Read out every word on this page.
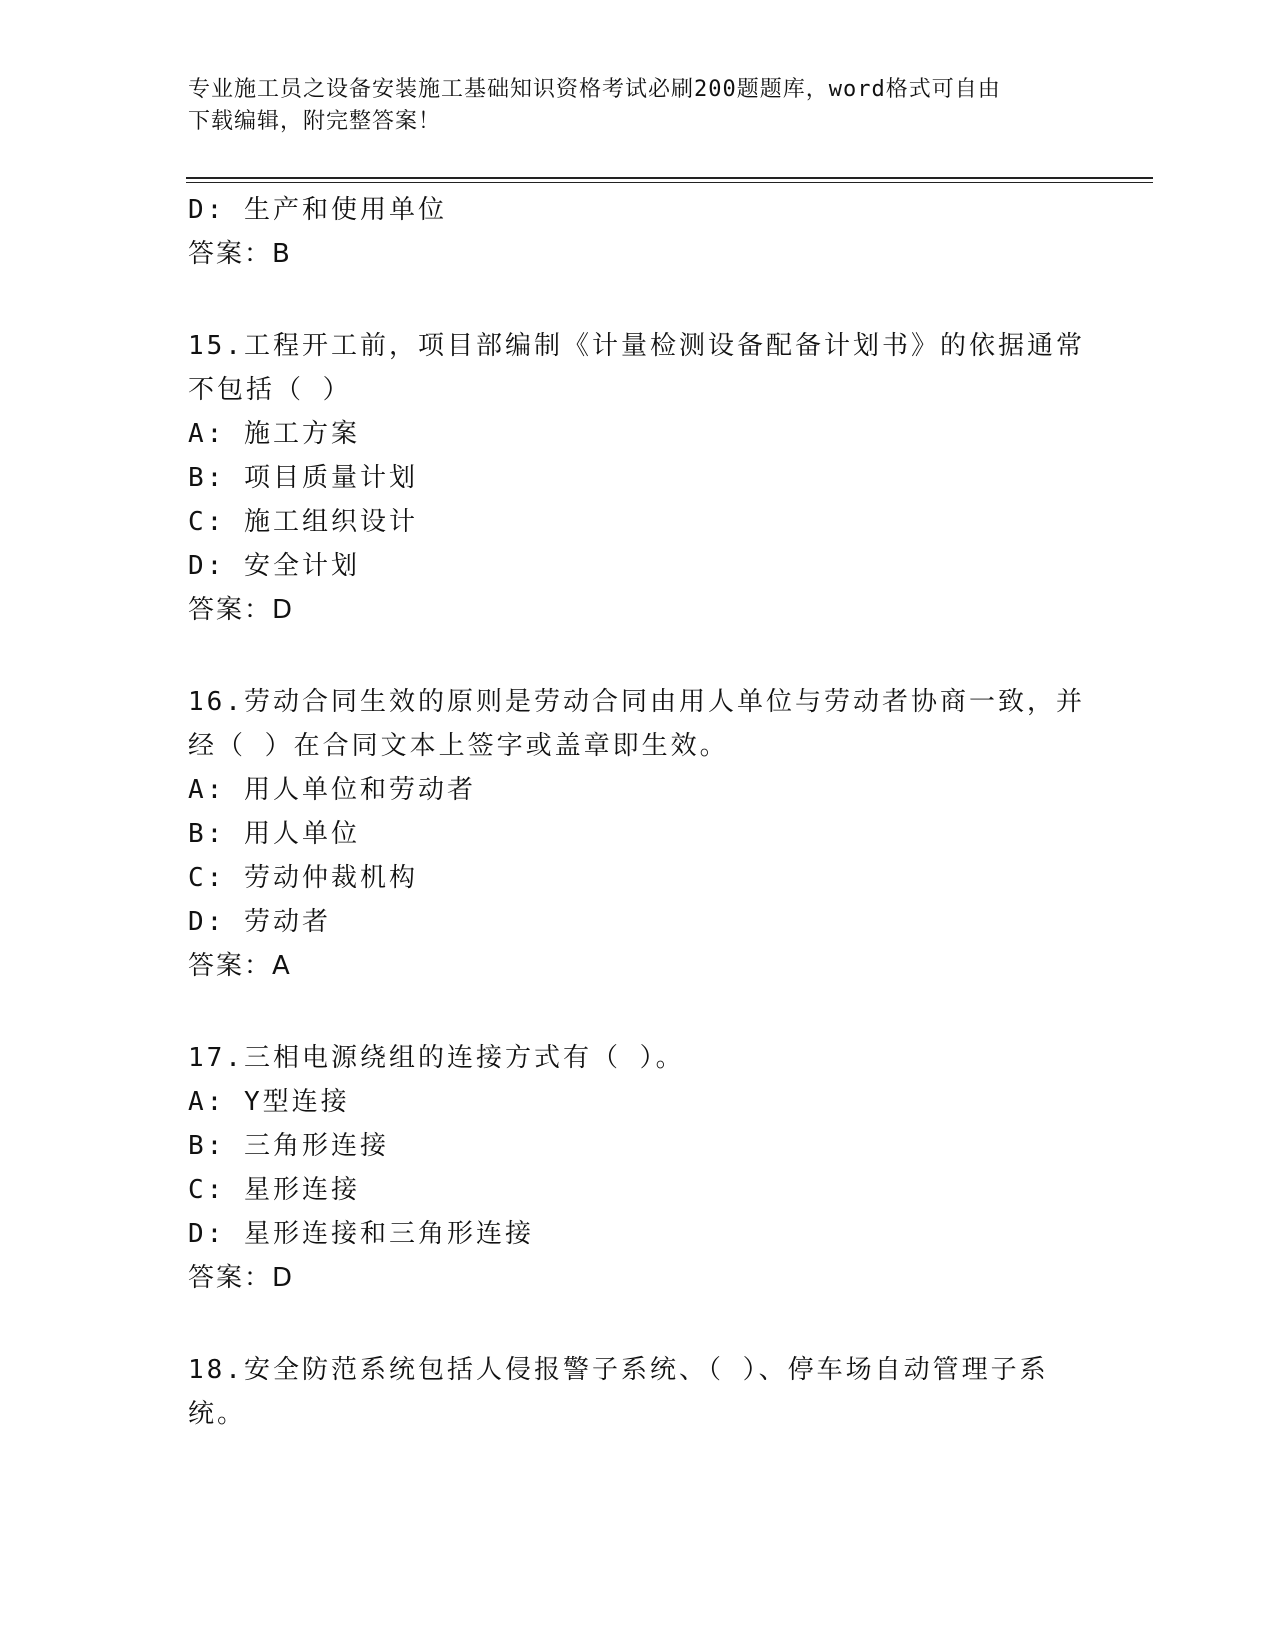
专业施工员之设备安装施工基础知识资格考试必刷200题题库，word格式可自由
下载编辑，附完整答案！
D: 生产和使用单位
答案：B
15.工程开工前，项目部编制《计量检测设备配备计划书》的依据通常
不包括（ ）
A: 施工方案
B: 项目质量计划
C: 施工组织设计
D: 安全计划
答案：D
16.劳动合同生效的原则是劳动合同由用人单位与劳动者协商一致，并
经（ ）在合同文本上签字或盖章即生效。
A: 用人单位和劳动者
B: 用人单位
C: 劳动仲裁机构
D: 劳动者
答案：A
17.三相电源绕组的连接方式有（ ）。
A: Y型连接
B: 三角形连接
C: 星形连接
D: 星形连接和三角形连接
答案：D
18.安全防范系统包括人侵报警子系统、（ ）、停车场自动管理子系
统。
